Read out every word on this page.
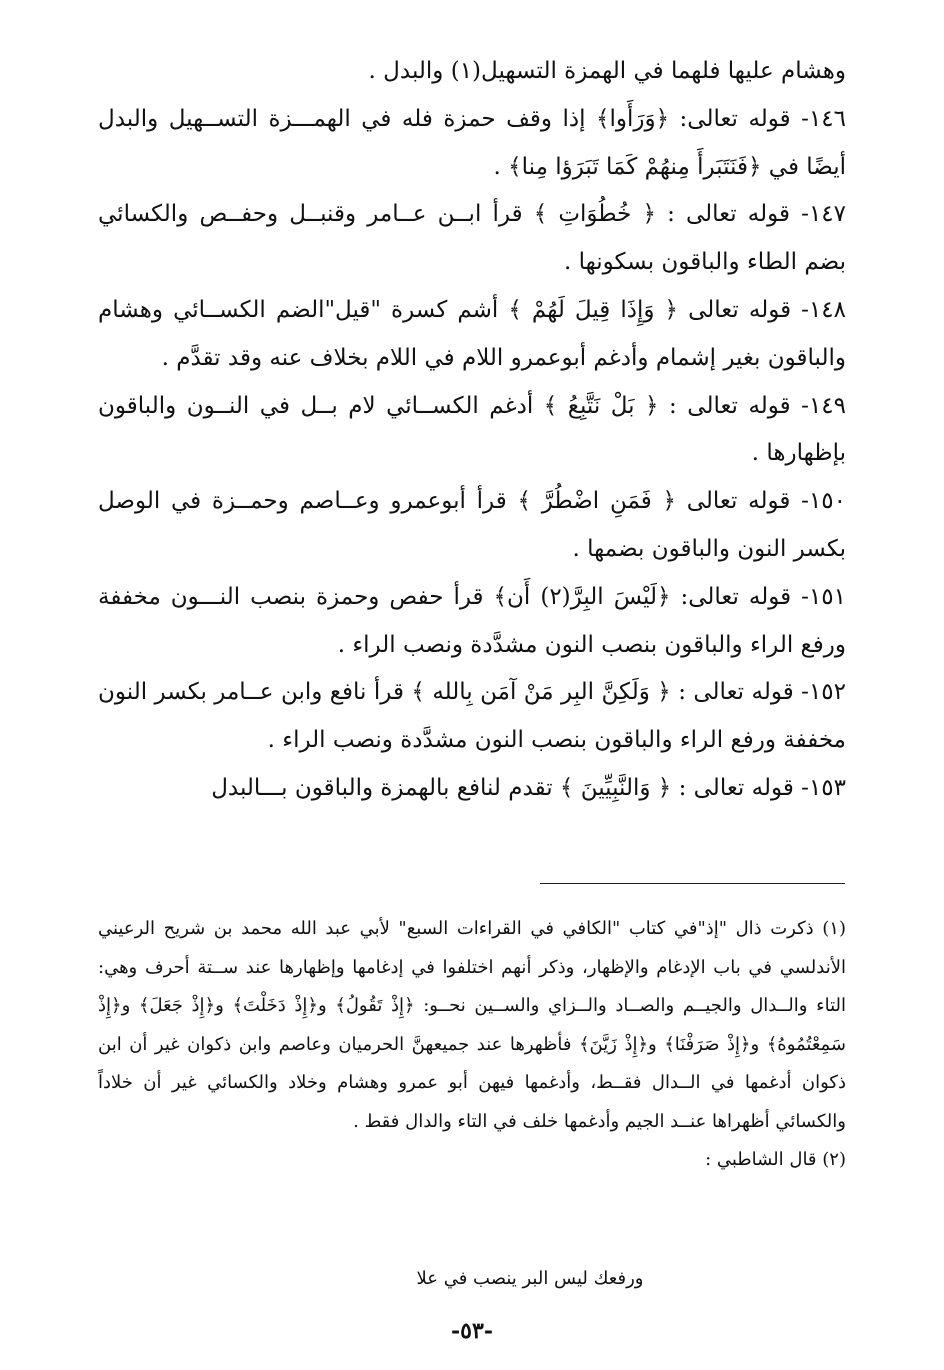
وهشام عليها فلهما في الهمزة التسهيل(١) والبدل .

١٤٦- قوله تعالى: ﴿وَرَأَوا﴾ إذا وقف حمزة فله في الهمـــزة التســهيل والبدل أيضًا في ﴿فَنَتَبَرأَ مِنهُمْ كَمَا تَبَرَؤا مِنا﴾ .

١٤٧- قوله تعالى : ﴿ خُطُوَاتِ ﴾ قرأ ابــن عــامر وقنبــل وحفــص والكسائي بضم الطاء والباقون بسكونها .

١٤٨- قوله تعالى ﴿ وَإِذَا قِيلَ لَهُمْ ﴾ أشم كسرة "قيل"الضم الكســائي وهشام والباقون بغير إشمام وأدغم أبوعمرو اللام في اللام بخلاف عنه وقد تقدَّم .

١٤٩- قوله تعالى : ﴿ بَلْ نَتَّبِعُ ﴾ أدغم الكســائي لام بــل في النــون والباقون بإظهارها .

١٥٠- قوله تعالى ﴿ فَمَنِ اضْطُرَّ ﴾ قرأ أبوعمرو وعــاصم وحمــزة في الوصل بكسر النون والباقون بضمها .

١٥١- قوله تعالى: ﴿لَيْسَ البِرَّ(٢) أَن﴾ قرأ حفص وحمزة بنصب النـــون مخففة ورفع الراء والباقون بنصب النون مشدَّدة ونصب الراء .

١٥٢- قوله تعالى : ﴿ وَلَكِنَّ البِر مَنْ آمَن بِالله ﴾ قرأ نافع وابن عــامر بكسر النون مخففة ورفع الراء والباقون بنصب النون مشدَّدة ونصب الراء .

١٥٣- قوله تعالى : ﴿ وَالنَّبِيِّينَ ﴾ تقدم لنافع بالهمزة والباقون بـــالبدل

(١) ذكرت ذال "إذ"في كتاب "الكافي في القراءات السبع" لأبي عبد الله محمد بن شريح الرعيني الأندلسي في باب الإدغام والإظهار، وذكر أنهم اختلفوا في إدغامها وإظهارها عند ســتة أحرف وهي: التاء والــدال والجيــم والصــاد والــزاي والســين نحــو: ﴿إِذْ تَقُولُ﴾ و﴿إِذْ دَخَلْتَ﴾ و﴿إِذْ جَعَلَ﴾ و﴿إِذْ سَمِعْتُمُوهُ﴾ و﴿إِذْ صَرَفْنَا﴾ و﴿إِذْ زَيَّنَ﴾ فأظهرها عند جميعهنَّ الحرميان وعاصم وابن ذكوان غير أن ابن ذكوان أدغمها في الــدال فقــط، وأدغمها فيهن أبو عمرو وهشام وخلاد والكسائي غير أن خلاداً والكسائي أظهراها عنــد الجيم وأدغمها خلف في التاء والدال فقط .

(٢) قال الشاطبي :

ورفعك ليس البر ينصب في علا
-٥٣-
